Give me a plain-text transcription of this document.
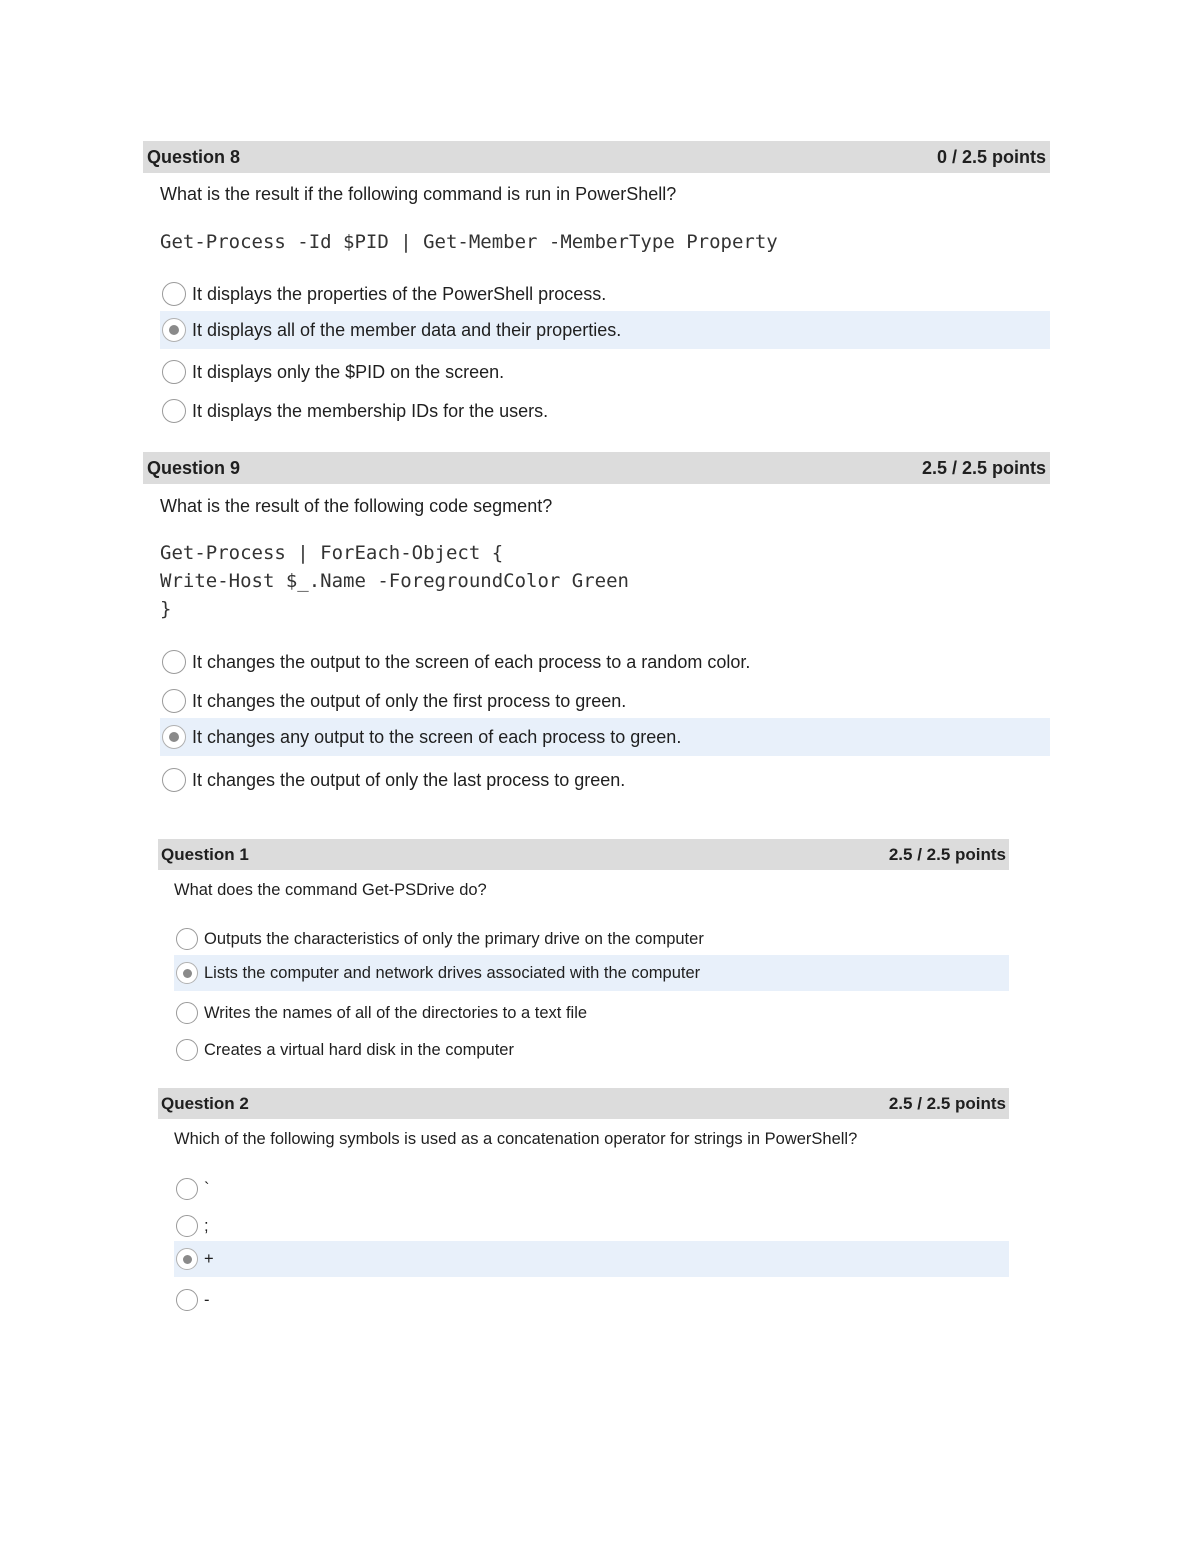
Question 8	0 / 2.5 points
What is the result if the following command is run in PowerShell?
Get-Process -Id $PID | Get-Member -MemberType Property
It displays the properties of the PowerShell process.
It displays all of the member data and their properties.
It displays only the $PID on the screen.
It displays the membership IDs for the users.
Question 9	2.5 / 2.5 points
What is the result of the following code segment?
Get-Process | ForEach-Object {
Write-Host $_.Name -ForegroundColor Green
}
It changes the output to the screen of each process to a random color.
It changes the output of only the first process to green.
It changes any output to the screen of each process to green.
It changes the output of only the last process to green.
Question 1	2.5 / 2.5 points
What does the command Get-PSDrive do?
Outputs the characteristics of only the primary drive on the computer
Lists the computer and network drives associated with the computer
Writes the names of all of the directories to a text file
Creates a virtual hard disk in the computer
Question 2	2.5 / 2.5 points
Which of the following symbols is used as a concatenation operator for strings in PowerShell?
`
;
+
-
